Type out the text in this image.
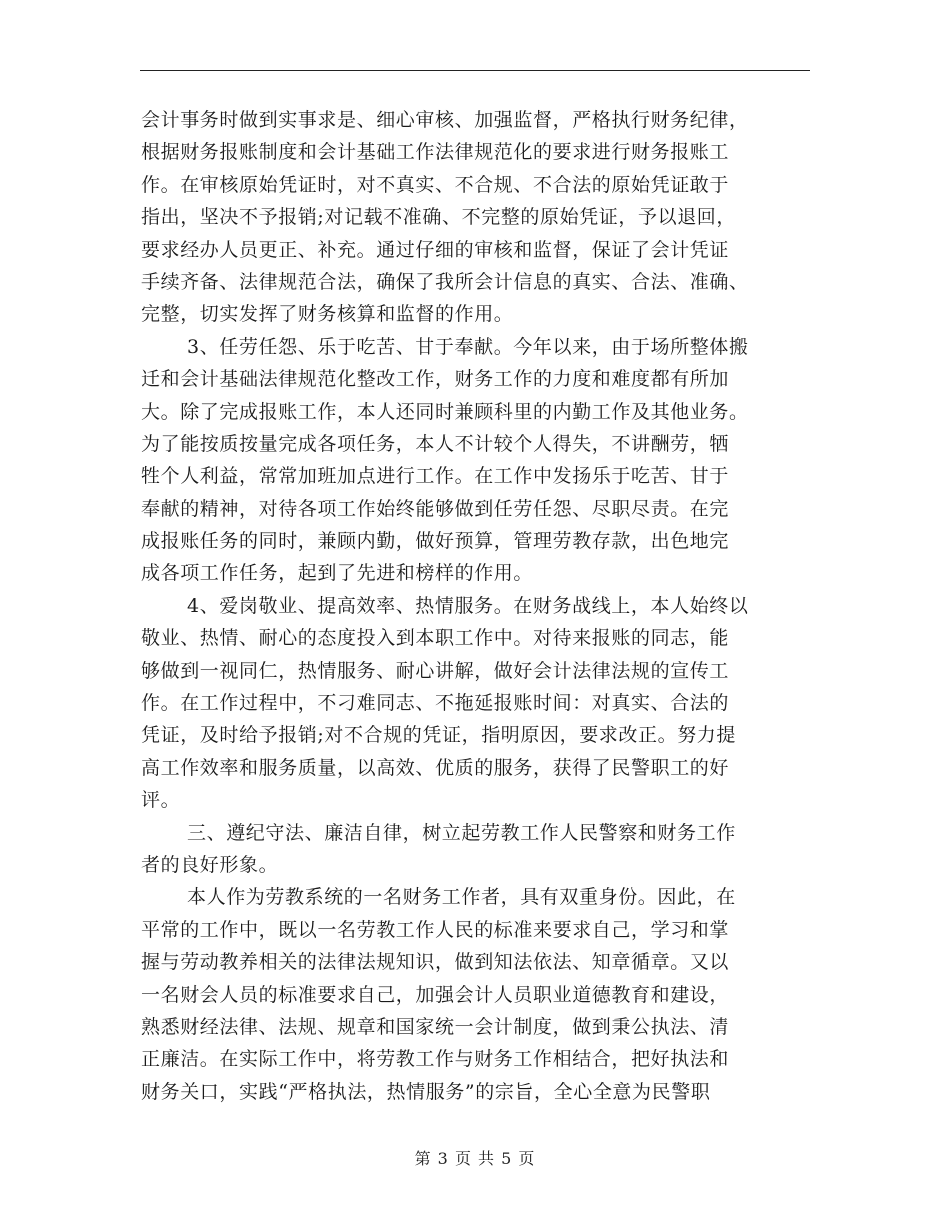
会计事务时做到实事求是、细心审核、加强监督，严格执行财务纪律，
根据财务报账制度和会计基础工作法律规范化的要求进行财务报账工
作。在审核原始凭证时，对不真实、不合规、不合法的原始凭证敢于
指出，坚决不予报销;对记载不准确、不完整的原始凭证，予以退回，
要求经办人员更正、补充。通过仔细的审核和监督，保证了会计凭证
手续齐备、法律规范合法，确保了我所会计信息的真实、合法、准确、
完整，切实发挥了财务核算和监督的作用。
3、任劳任怨、乐于吃苦、甘于奉献。今年以来，由于场所整体搬
迁和会计基础法律规范化整改工作，财务工作的力度和难度都有所加
大。除了完成报账工作，本人还同时兼顾科里的内勤工作及其他业务。
为了能按质按量完成各项任务，本人不计较个人得失，不讲酬劳，牺
牲个人利益，常常加班加点进行工作。在工作中发扬乐于吃苦、甘于
奉献的精神，对待各项工作始终能够做到任劳任怨、尽职尽责。在完
成报账任务的同时，兼顾内勤，做好预算，管理劳教存款，出色地完
成各项工作任务，起到了先进和榜样的作用。
4、爱岗敬业、提高效率、热情服务。在财务战线上，本人始终以
敬业、热情、耐心的态度投入到本职工作中。对待来报账的同志，能
够做到一视同仁，热情服务、耐心讲解，做好会计法律法规的宣传工
作。在工作过程中，不刁难同志、不拖延报账时间：对真实、合法的
凭证，及时给予报销;对不合规的凭证，指明原因，要求改正。努力提
高工作效率和服务质量，以高效、优质的服务，获得了民警职工的好
评。
三、遵纪守法、廉洁自律，树立起劳教工作人民警察和财务工作
者的良好形象。
本人作为劳教系统的一名财务工作者，具有双重身份。因此，在
平常的工作中，既以一名劳教工作人民的标准来要求自己，学习和掌
握与劳动教养相关的法律法规知识，做到知法依法、知章循章。又以
一名财会人员的标准要求自己，加强会计人员职业道德教育和建设，
熟悉财经法律、法规、规章和国家统一会计制度，做到秉公执法、清
正廉洁。在实际工作中，将劳教工作与财务工作相结合，把好执法和
财务关口，实践“严格执法，热情服务”的宗旨，全心全意为民警职
第 3 页 共 5 页
